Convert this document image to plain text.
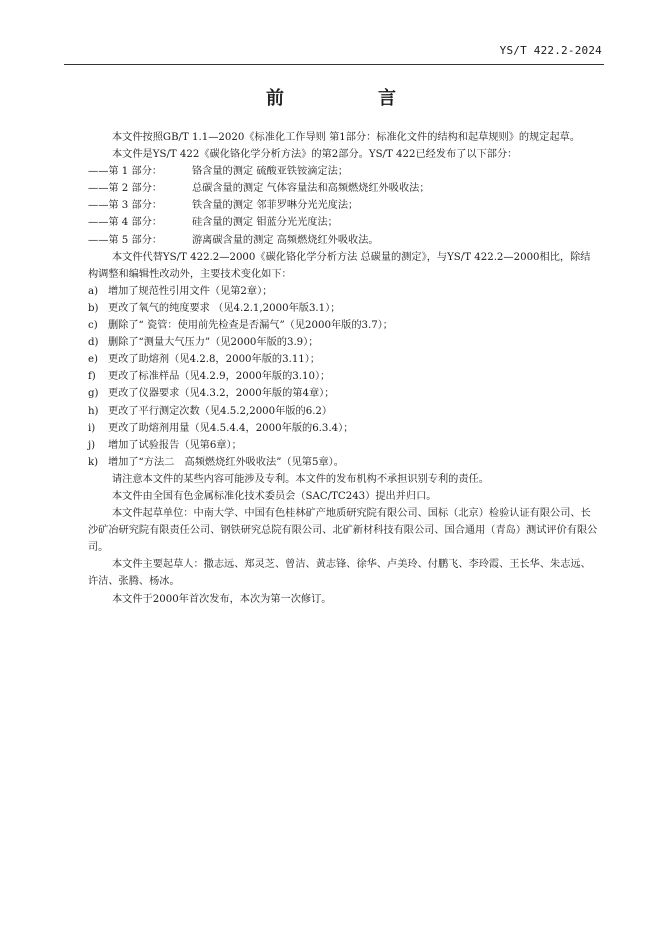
YS/T 422.2-2024
前　言

本文件按照GB/T 1.1—2020《标准化工作导则 第1部分：标准化文件的结构和起草规则》的规定起草。

本文件是YS/T 422《碳化铬化学分析方法》的第2部分。YS/T 422已经发布了以下部分：

——第 1 部分：	铬含量的测定 硫酸亚铁铵滴定法；

——第 2 部分：	总碳含量的测定 气体容量法和高频燃烧红外吸收法；

——第 3 部分：	铁含量的测定 邻菲罗啉分光光度法；

——第 4 部分：	硅含量的测定 钼蓝分光光度法；

——第 5 部分：	游离碳含量的测定 高频燃烧红外吸收法。

本文件代替YS/T 422.2—2000《碳化铬化学分析方法 总碳量的测定》，与YS/T 422.2—2000相比，除结构调整和编辑性改动外，主要技术变化如下：

a) 增加了规范性引用文件（见第2章）；

b) 更改了氧气的纯度要求 （见4.2.1,2000年版3.1）；

c) 删除了“ 瓷管：使用前先检查是否漏气”（见2000年版的3.7）；

d) 删除了“测量大气压力”（见2000年版的3.9）；

e) 更改了助熔剂（见4.2.8，2000年版的3.11）；

f) 更改了标准样品（见4.2.9，2000年版的3.10）；

g) 更改了仪器要求（见4.3.2，2000年版的第4章）；

h) 更改了平行测定次数（见4.5.2,2000年版的6.2）

i) 更改了助熔剂用量（见4.5.4.4，2000年版的6.3.4）；

j) 增加了试验报告（见第6章）；

k) 增加了“方法二　高频燃烧红外吸收法”（见第5章）。

请注意本文件的某些内容可能涉及专利。本文件的发布机构不承担识别专利的责任。

本文件由全国有色金属标准化技术委员会（SAC/TC243）提出并归口。

本文件起草单位：中南大学、中国有色桂林矿产地质研究院有限公司、国标（北京）检验认证有限公司、长沙矿冶研究院有限责任公司、钢铁研究总院有限公司、北矿新材科技有限公司、国合通用（青岛）测试评价有限公司。

本文件主要起草人：撒志远、郑灵芝、曾洁、黄志锋、徐华、卢美玲、付鹏飞、李玲霞、王长华、朱志远、许洁、张腾、杨冰。

本文件于2000年首次发布，本次为第一次修订。
